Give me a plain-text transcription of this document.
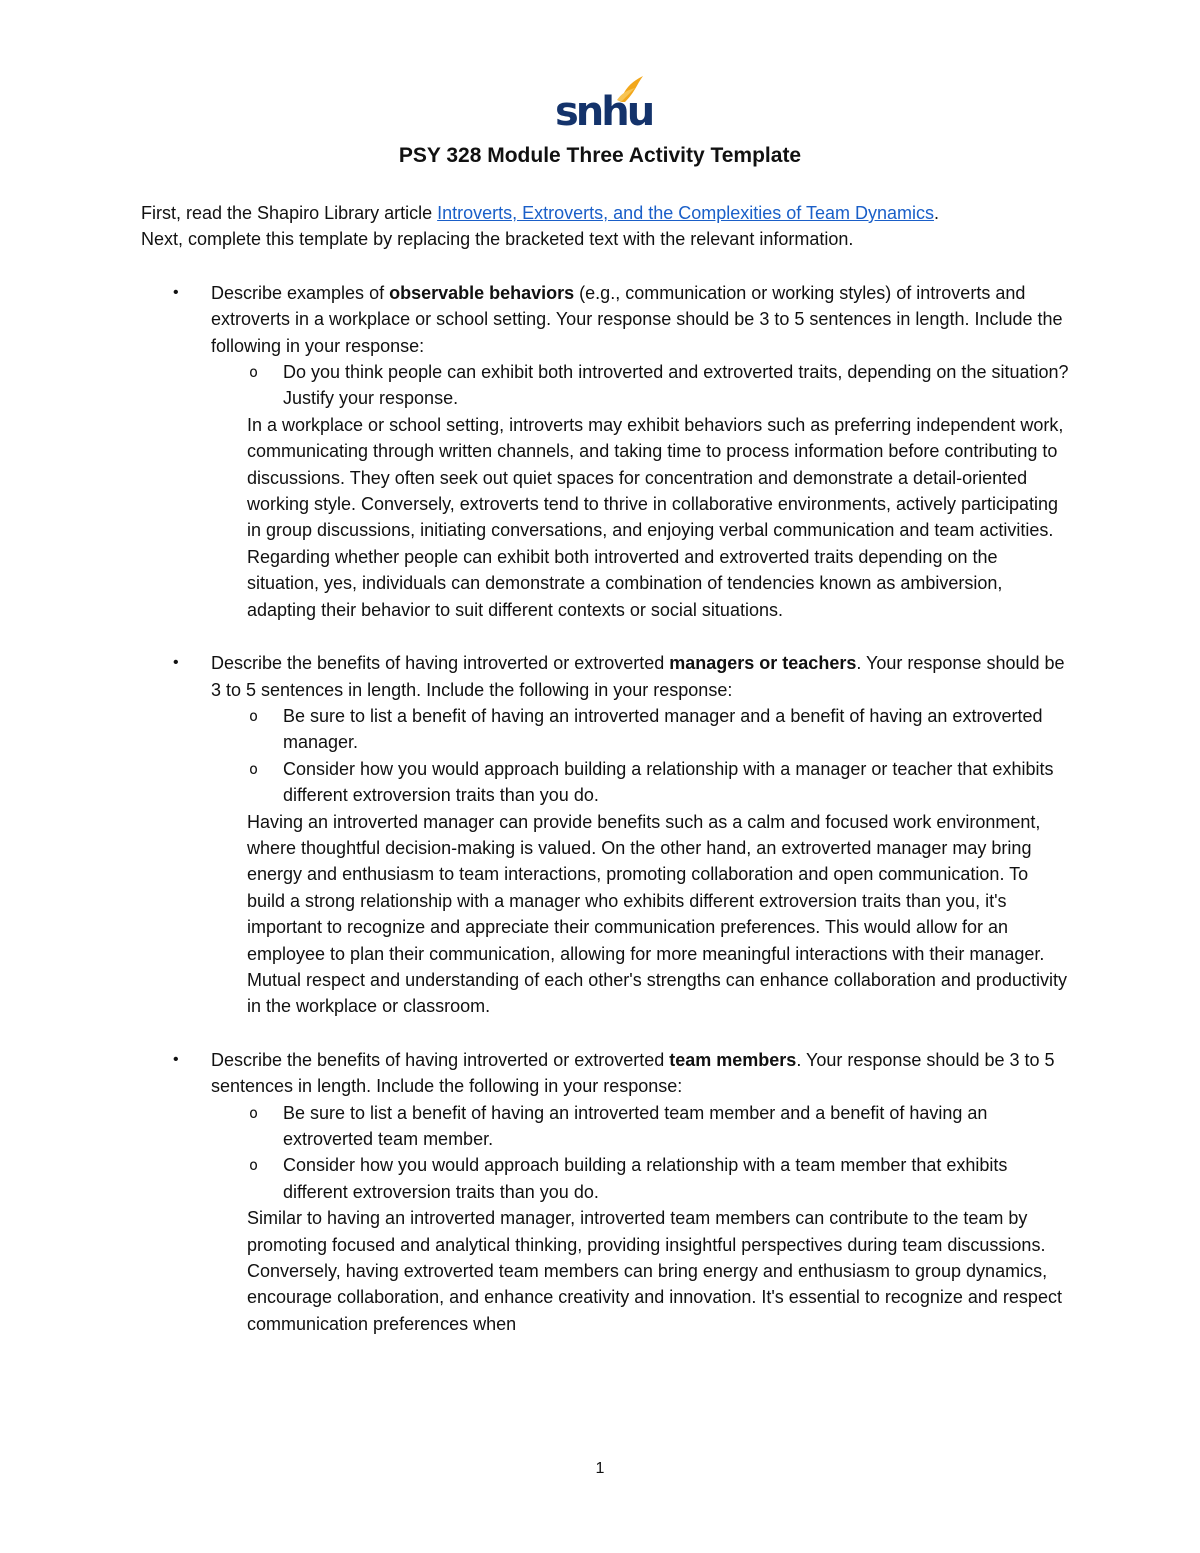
snhu
PSY 328 Module Three Activity Template

First, read the Shapiro Library article Introverts, Extroverts, and the Complexities of Team Dynamics.
Next, complete this template by replacing the bracketed text with the relevant information.

• Describe examples of observable behaviors (e.g., communication or working styles) of introverts and extroverts in a workplace or school setting. Your response should be 3 to 5 sentences in length. Include the following in your response:

o Do you think people can exhibit both introverted and extroverted traits, depending on the situation? Justify your response.

In a workplace or school setting, introverts may exhibit behaviors such as preferring independent work, communicating through written channels, and taking time to process information before contributing to discussions. They often seek out quiet spaces for concentration and demonstrate a detail-oriented working style. Conversely, extroverts tend to thrive in collaborative environments, actively participating in group discussions, initiating conversations, and enjoying verbal communication and team activities. Regarding whether people can exhibit both introverted and extroverted traits depending on the situation, yes, individuals can demonstrate a combination of tendencies known as ambiversion, adapting their behavior to suit different contexts or social situations.

• Describe the benefits of having introverted or extroverted managers or teachers. Your response should be 3 to 5 sentences in length. Include the following in your response:

o Be sure to list a benefit of having an introverted manager and a benefit of having an extroverted manager.
o Consider how you would approach building a relationship with a manager or teacher that exhibits different extroversion traits than you do.

Having an introverted manager can provide benefits such as a calm and focused work environment, where thoughtful decision-making is valued. On the other hand, an extroverted manager may bring energy and enthusiasm to team interactions, promoting collaboration and open communication. To build a strong relationship with a manager who exhibits different extroversion traits than you, it's important to recognize and appreciate their communication preferences. This would allow for an employee to plan their communication, allowing for more meaningful interactions with their manager. Mutual respect and understanding of each other's strengths can enhance collaboration and productivity in the workplace or classroom.

• Describe the benefits of having introverted or extroverted team members. Your response should be 3 to 5 sentences in length. Include the following in your response:

o Be sure to list a benefit of having an introverted team member and a benefit of having an extroverted team member.
o Consider how you would approach building a relationship with a team member that exhibits different extroversion traits than you do.

Similar to having an introverted manager, introverted team members can contribute to the team by promoting focused and analytical thinking, providing insightful perspectives during team discussions. Conversely, having extroverted team members can bring energy and enthusiasm to group dynamics, encourage collaboration, and enhance creativity and innovation. It's essential to recognize and respect communication preferences when

1
